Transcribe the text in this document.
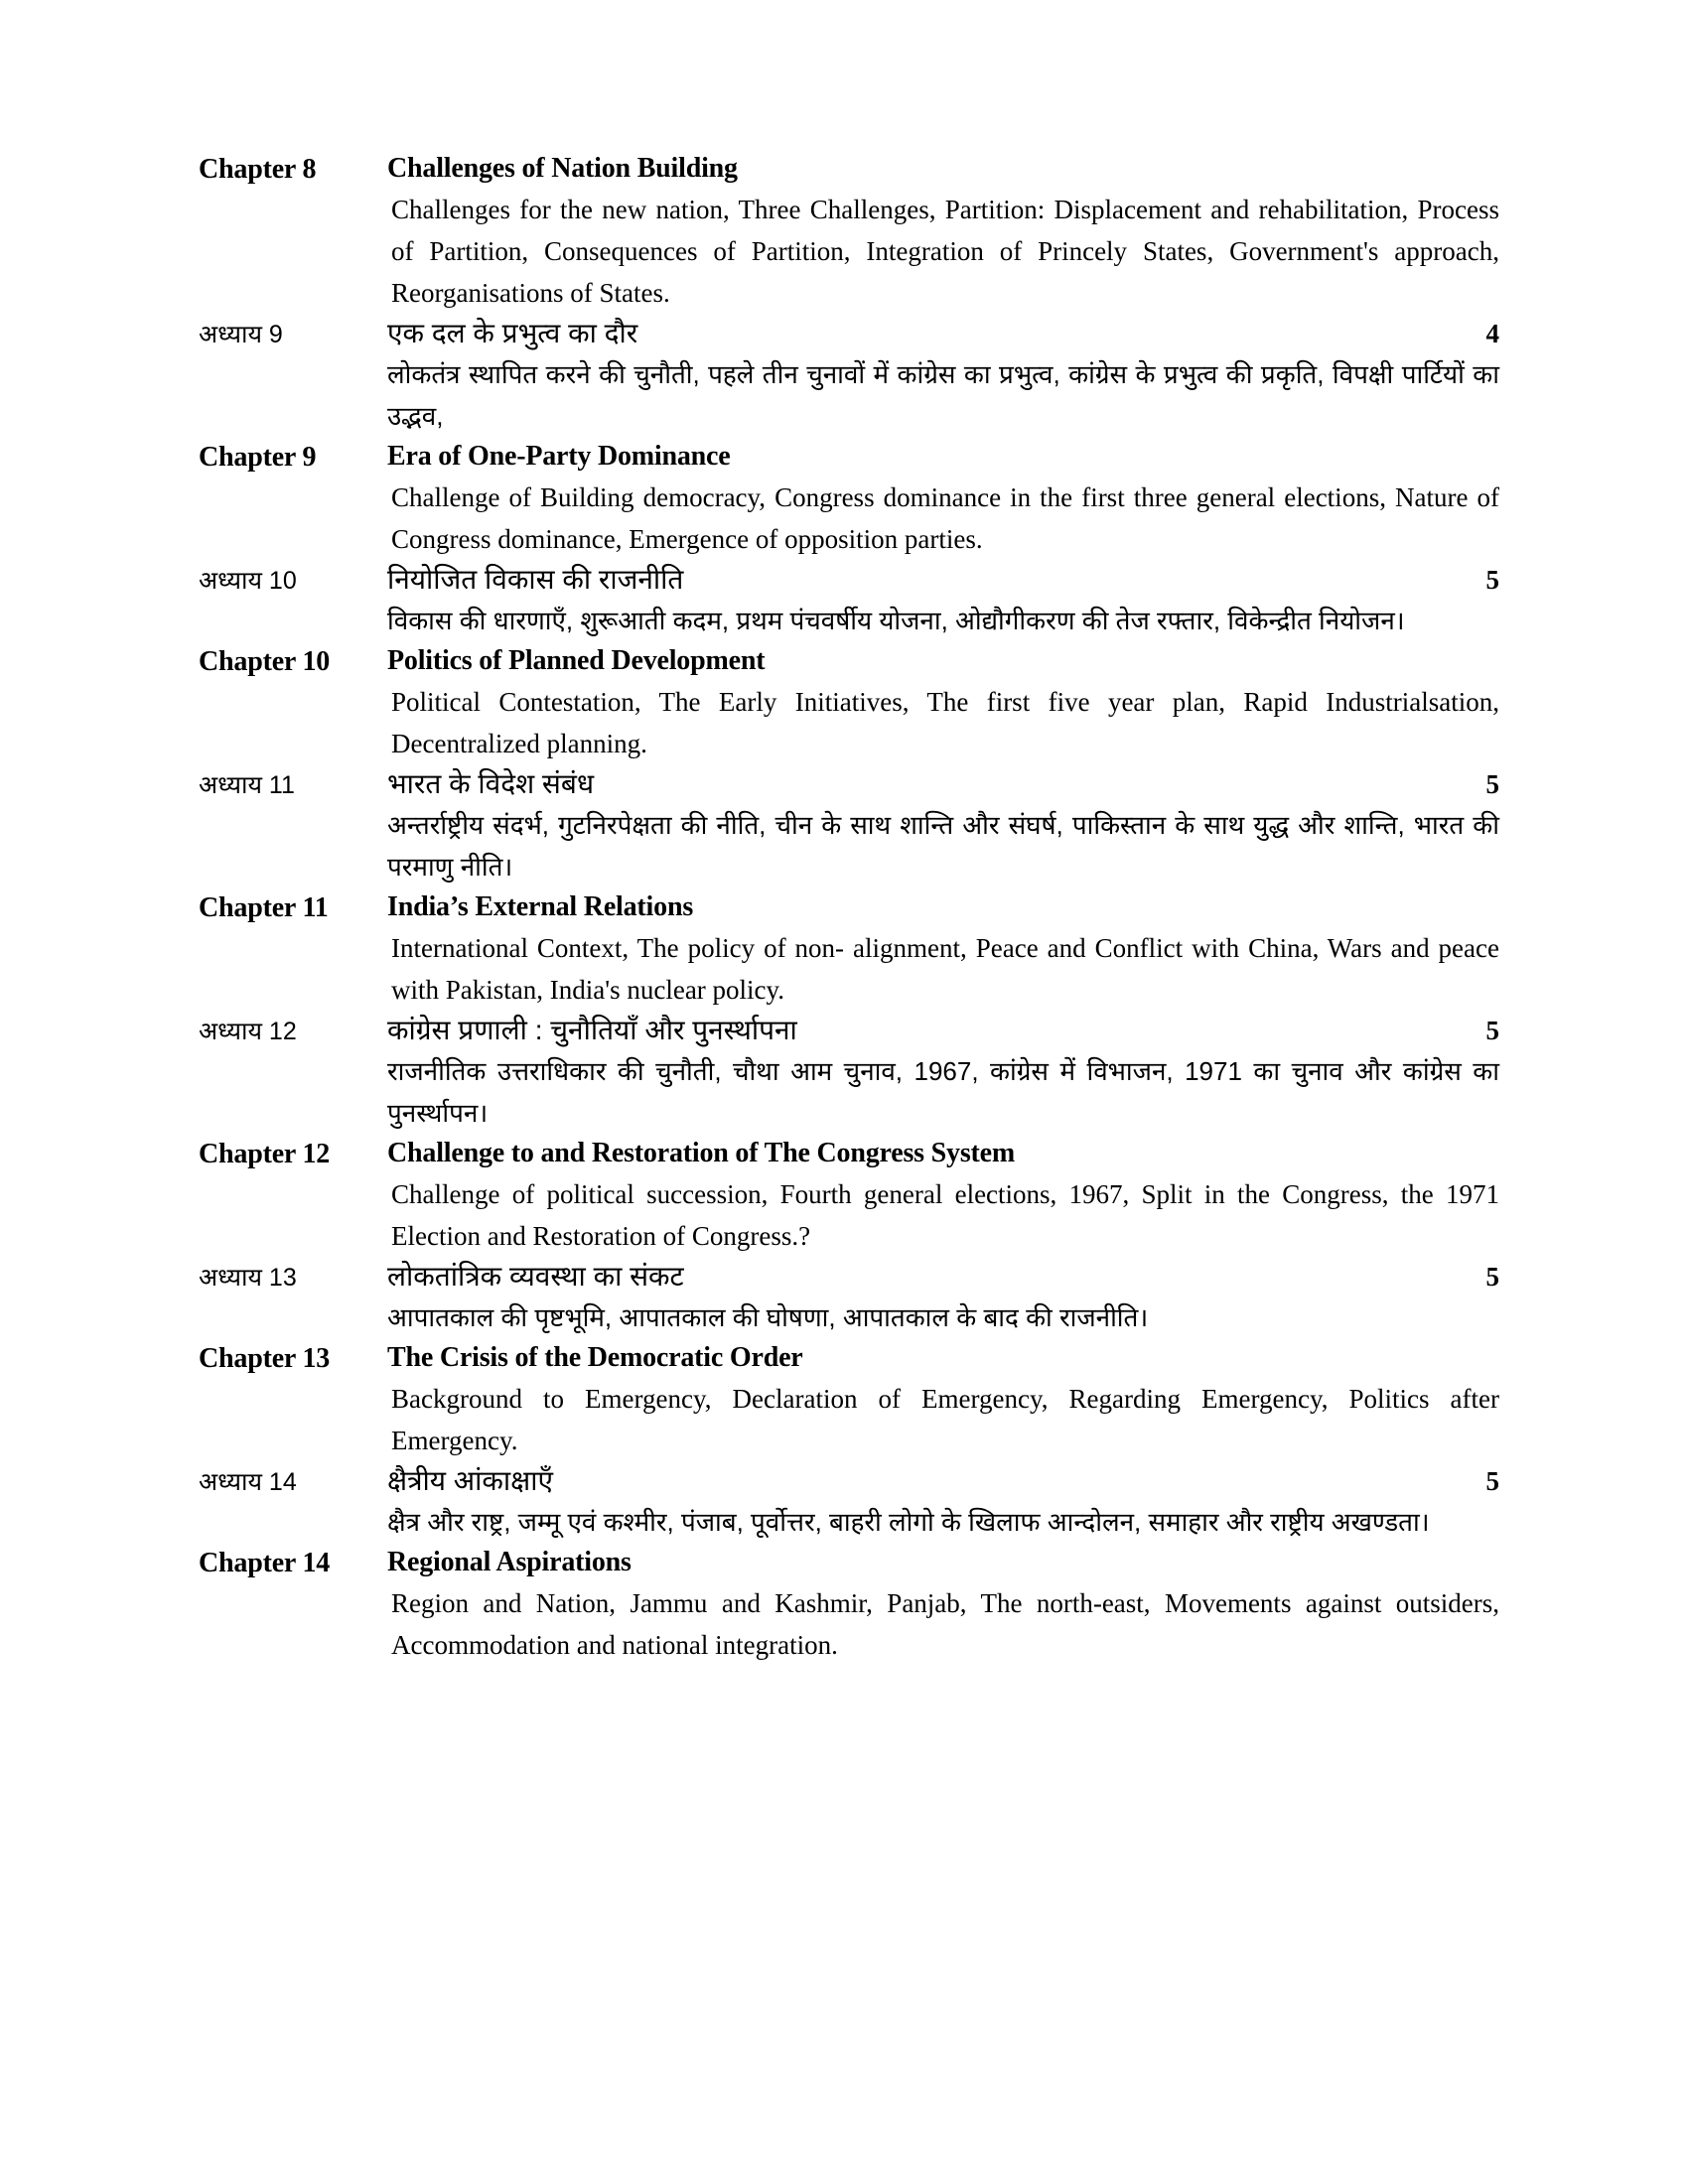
Chapter 8	Challenges of Nation Building
Challenges for the new nation, Three Challenges, Partition: Displacement and rehabilitation, Process of Partition, Consequences of Partition, Integration of Princely States, Government's approach, Reorganisations of States.
अध्याय 9	एक दल के प्रभुत्व का दौर	4
लोकतंत्र स्थापित करने की चुनौती, पहले तीन चुनावों में कांग्रेस का प्रभुत्व, कांग्रेस के प्रभुत्व की प्रकृति, विपक्षी पार्टियों का उद्भव,
Chapter 9	Era of One-Party Dominance
Challenge of Building democracy, Congress dominance in the first three general elections, Nature of Congress dominance, Emergence of opposition parties.
अध्याय 10	नियोजित विकास की राजनीति	5
विकास की धारणाएँ, शुरूआती कदम, प्रथम पंचवर्षीय योजना, ओद्यौगीकरण की तेज रफ्तार, विकेन्द्रीत नियोजन।
Chapter 10	Politics of Planned Development
Political Contestation, The Early Initiatives, The first five year plan, Rapid Industrialsation, Decentralized planning.
अध्याय 11	भारत के विदेश संबंध	5
अन्तर्राष्ट्रीय संदर्भ, गुटनिरपेक्षता की नीति, चीन के साथ शान्ति और संघर्ष, पाकिस्तान के साथ युद्ध और शान्ति, भारत की परमाणु नीति।
Chapter 11	India’s External Relations
International Context, The policy of non- alignment, Peace and Conflict with China, Wars and peace with Pakistan, India's nuclear policy.
अध्याय 12	कांग्रेस प्रणाली : चुनौतियाँ और पुनर्स्थापना	5
राजनीतिक उत्तराधिकार की चुनौती, चौथा आम चुनाव, 1967, कांग्रेस में विभाजन, 1971 का चुनाव और कांग्रेस का पुनर्स्थापन।
Chapter 12	Challenge to and Restoration of The Congress System
Challenge of political succession, Fourth general elections, 1967, Split in the Congress, the 1971 Election and Restoration of Congress.?
अध्याय 13	लोकतांत्रिक व्यवस्था का संकट	5
आपातकाल की पृष्टभूमि, आपातकाल की घोषणा, आपातकाल के बाद की राजनीति।
Chapter 13	The Crisis of the Democratic Order
Background to Emergency, Declaration of Emergency, Regarding Emergency, Politics after Emergency.
अध्याय 14	क्षैत्रीय आंकाक्षाएँ	5
क्षैत्र और राष्ट्र, जम्मू एवं कश्मीर, पंजाब, पूर्वोत्तर, बाहरी लोगो के खिलाफ आन्दोलन, समाहार और राष्ट्रीय अखण्डता।
Chapter 14	Regional Aspirations
Region and Nation, Jammu and Kashmir, Panjab, The north-east, Movements against outsiders, Accommodation and national integration.
